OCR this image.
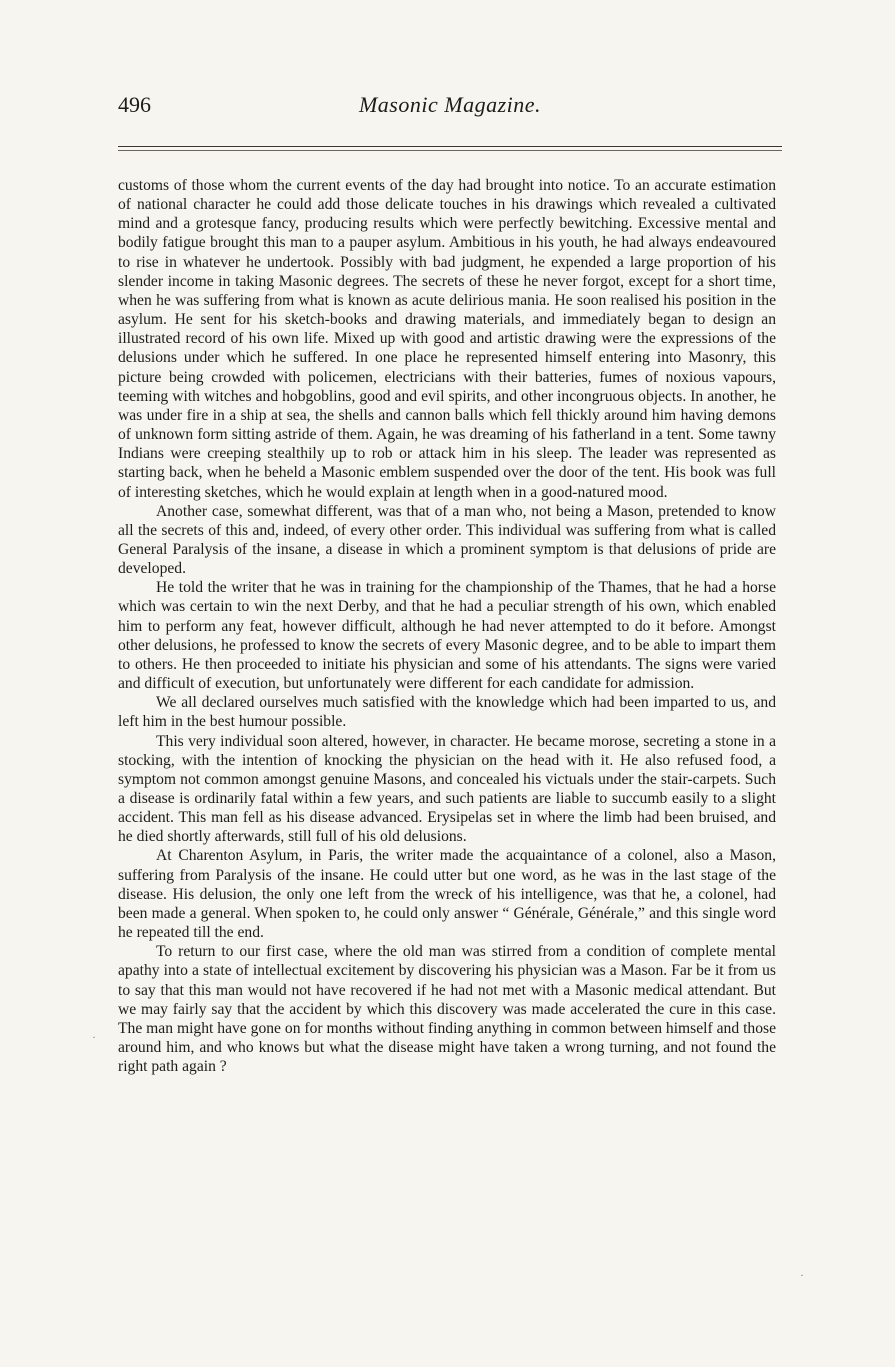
496	Masonic Magazine.

customs of those whom the current events of the day had brought into notice. To an accurate estimation of national character he could add those delicate touches in his drawings which revealed a cultivated mind and a grotesque fancy, producing results which were perfectly bewitching. Excessive mental and bodily fatigue brought this man to a pauper asylum. Ambitious in his youth, he had always endeavoured to rise in whatever he undertook. Possibly with bad judgment, he expended a large proportion of his slender income in taking Masonic degrees. The secrets of these he never forgot, except for a short time, when he was suffering from what is known as acute delirious mania. He soon realised his position in the asylum. He sent for his sketch-books and drawing materials, and immediately began to design an illustrated record of his own life. Mixed up with good and artistic drawing were the expressions of the delusions under which he suffered. In one place he represented himself entering into Masonry, this picture being crowded with policemen, electricians with their batteries, fumes of noxious vapours, teeming with witches and hobgoblins, good and evil spirits, and other incongruous objects. In another, he was under fire in a ship at sea, the shells and cannon balls which fell thickly around him having demons of unknown form sitting astride of them. Again, he was dreaming of his fatherland in a tent. Some tawny Indians were creeping stealthily up to rob or attack him in his sleep. The leader was represented as starting back, when he beheld a Masonic emblem suspended over the door of the tent. His book was full of interesting sketches, which he would explain at length when in a good-natured mood.

Another case, somewhat different, was that of a man who, not being a Mason, pretended to know all the secrets of this and, indeed, of every other order. This individual was suffering from what is called General Paralysis of the insane, a disease in which a prominent symptom is that delusions of pride are developed.

He told the writer that he was in training for the championship of the Thames, that he had a horse which was certain to win the next Derby, and that he had a peculiar strength of his own, which enabled him to perform any feat, however difficult, although he had never attempted to do it before. Amongst other delusions, he professed to know the secrets of every Masonic degree, and to be able to impart them to others. He then proceeded to initiate his physician and some of his attendants. The signs were varied and difficult of execution, but unfortunately were different for each candidate for admission.

We all declared ourselves much satisfied with the knowledge which had been imparted to us, and left him in the best humour possible.

This very individual soon altered, however, in character. He became morose, secreting a stone in a stocking, with the intention of knocking the physician on the head with it. He also refused food, a symptom not common amongst genuine Masons, and concealed his victuals under the stair-carpets. Such a disease is ordinarily fatal within a few years, and such patients are liable to succumb easily to a slight accident. This man fell as his disease advanced. Erysipelas set in where the limb had been bruised, and he died shortly afterwards, still full of his old delusions.

At Charenton Asylum, in Paris, the writer made the acquaintance of a colonel, also a Mason, suffering from Paralysis of the insane. He could utter but one word, as he was in the last stage of the disease. His delusion, the only one left from the wreck of his intelligence, was that he, a colonel, had been made a general. When spoken to, he could only answer “ Générale, Générale,” and this single word he repeated till the end.

To return to our first case, where the old man was stirred from a condition of complete mental apathy into a state of intellectual excitement by discovering his physician was a Mason. Far be it from us to say that this man would not have recovered if he had not met with a Masonic medical attendant. But we may fairly say that the accident by which this discovery was made accelerated the cure in this case. The man might have gone on for months without finding anything in common between himself and those around him, and who knows but what the disease might have taken a wrong turning, and not found the right path again ?

·
·
